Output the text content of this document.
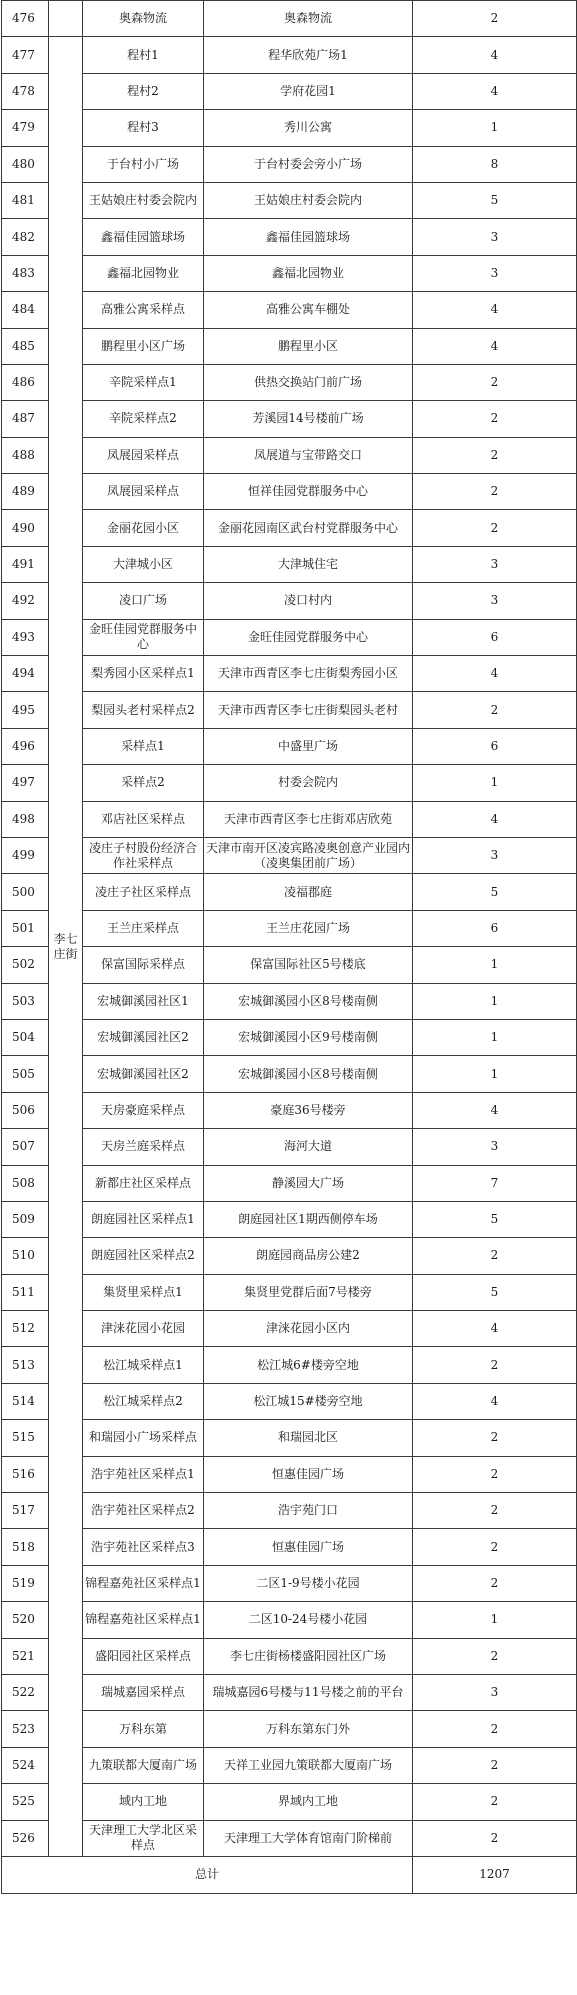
476		奥森物流	奥森物流	2
477	李七庄街	程村1	程华欣苑广场1	4
478		程村2	学府花园1	4
479		程村3	秀川公寓	1
480		于台村小广场	于台村委会旁小广场	8
481		王姑娘庄村委会院内	王姑娘庄村委会院内	5
482		鑫福佳园篮球场	鑫福佳园篮球场	3
483		鑫福北园物业	鑫福北园物业	3
484		高雅公寓采样点	高雅公寓车棚处	4
485		鹏程里小区广场	鹏程里小区	4
486		辛院采样点1	供热交换站门前广场	2
487		辛院采样点2	芳溪园14号楼前广场	2
488		凤展园采样点	凤展道与宝带路交口	2
489		凤展园采样点	恒祥佳园党群服务中心	2
490		金丽花园小区	金丽花园南区武台村党群服务中心	2
491		大津城小区	大津城住宅	3
492		凌口广场	凌口村内	3
493		金旺佳园党群服务中心	金旺佳园党群服务中心	6
494		梨秀园小区采样点1	天津市西青区李七庄街梨秀园小区	4
495		梨园头老村采样点2	天津市西青区李七庄街梨园头老村	2
496		采样点1	中盛里广场	6
497		采样点2	村委会院内	1
498		邓店社区采样点	天津市西青区李七庄街邓店欣苑	4
499		凌庄子村股份经济合作社采样点	天津市南开区凌宾路凌奥创意产业园内（凌奥集团前广场）	3
500		凌庄子社区采样点	凌福郡庭	5
501		王兰庄采样点	王兰庄花园广场	6
502		保富国际采样点	保富国际社区5号楼底	1
503		宏城御溪园社区1	宏城御溪园小区8号楼南侧	1
504		宏城御溪园社区2	宏城御溪园小区9号楼南侧	1
505		宏城御溪园社区2	宏城御溪园小区8号楼南侧	1
506		天房豪庭采样点	豪庭36号楼旁	4
507		天房兰庭采样点	海河大道	3
508		新都庄社区采样点	静溪园大广场	7
509		朗庭园社区采样点1	朗庭园社区1期西侧停车场	5
510		朗庭园社区采样点2	朗庭园商品房公建2	2
511		集贤里采样点1	集贤里党群后面7号楼旁	5
512		津涞花园小花园	津涞花园小区内	4
513		松江城采样点1	松江城6#楼旁空地	2
514		松江城采样点2	松江城15#楼旁空地	4
515		和瑞园小广场采样点	和瑞园北区	2
516		浩宇苑社区采样点1	恒惠佳园广场	2
517		浩宇苑社区采样点2	浩宇苑门口	2
518		浩宇苑社区采样点3	恒惠佳园广场	2
519		锦程嘉苑社区采样点1	二区1-9号楼小花园	2
520		锦程嘉苑社区采样点1	二区10-24号楼小花园	1
521		盛阳园社区采样点	李七庄街杨楼盛阳园社区广场	2
522		瑞城嘉园采样点	瑞城嘉园6号楼与11号楼之前的平台	3
523		万科东第	万科东第东门外	2
524		九策联都大厦南广场	天祥工业园九策联都大厦南广场	2
525		域内工地	界域内工地	2
526		天津理工大学北区采样点	天津理工大学体育馆南门阶梯前	2
总计				1207
